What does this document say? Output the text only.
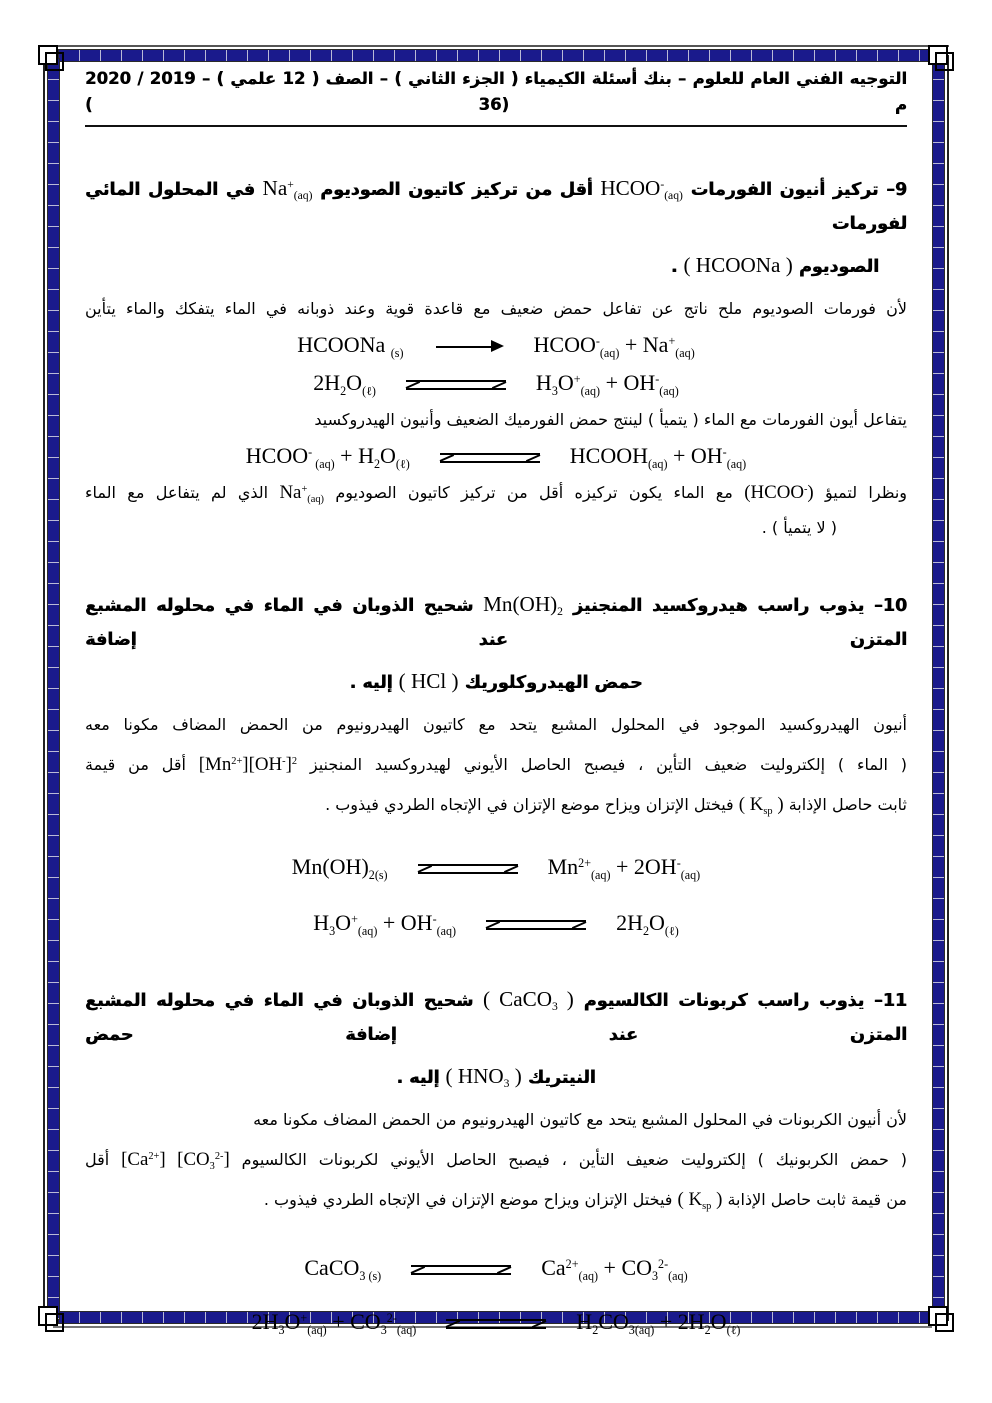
التوجيه الفني العام للعلوم – بنك أسئلة الكيمياء ( الجزء الثاني ) – الصف ( 12 علمي ) – 2019 / 2020 م (36 )
9– تركيز أنيون الفورمات $HCOO^-_{(aq)}$ أقل من تركيز كاتيون الصوديوم $Na^+_{(aq)}$ في المحلول المائي لفورمات
الصوديوم ( HCOONa ) .
لأن فورمات الصوديوم ملح ناتج عن تفاعل حمض ضعيف مع قاعدة قوية وعند ذوبانه في الماء يتفكك والماء يتأين
HCOONa $_{(s)}$	$HCOO^-_{(aq)} + Na^+_{(aq)}$
$2H_2O_{(\ell)}$	$H_3O^+_{(aq)} + OH^-_{(aq)}$
يتفاعل أيون الفورمات مع الماء ( يتميأ ) لينتج حمض الفورميك الضعيف وأنيون الهيدروكسيد
HCOO- $_{(aq)} + H_2O_{(\ell)}$	$HCOOH_{(aq)} + OH^-_{(aq)}$
ونظرا لتميؤ (HCOO-) مع الماء يكون تركيزه أقل من تركيز كاتيون الصوديوم $Na^+_{(aq)}$ الذي لم يتفاعل مع الماء
( لا يتميأ ) .
10– يذوب راسب هيدروكسيد المنجنيز $Mn(OH)_2$ شحيح الذوبان في الماء في محلوله المشبع المتزن عند إضافة
حمض الهيدروكلوريك ( HCl ) إليه .
أنيون الهيدروكسيد الموجود في المحلول المشبع يتحد مع كاتيون الهيدرونيوم من الحمض المضاف مكونا معه
( الماء ) إلكتروليت ضعيف التأين ، فيصبح الحاصل الأيوني لهيدروكسيد المنجنيز $[Mn^{2+}][OH^-]^2$ أقل من قيمة
ثابت حاصل الإذابة ( $K_{sp}$ ) فيختل الإتزان ويزاح موضع الإتزان في الإتجاه الطردي فيذوب .
$Mn(OH)_{2(s)}$	$Mn^{2+}_{(aq)} + 2OH^-_{(aq)}$
$H_3O^+_{(aq)} + OH^-_{(aq)}$	$2H_2O_{(\ell)}$
11– يذوب راسب كربونات الكالسيوم ( CaCO$_3$ ) شحيح الذوبان في الماء في محلوله المشبع المتزن عند إضافة حمض
النيتريك ( $HNO_3$ ) إليه .
لأن أنيون الكربونات في المحلول المشبع يتحد مع كاتيون الهيدرونيوم من الحمض المضاف مكونا معه
( حمض الكربونيك ) إلكتروليت ضعيف التأين ، فيصبح الحاصل الأيوني لكربونات الكالسيوم $[Ca^{2+}]$ $[CO_3^{2-}]$ أقل
من قيمة ثابت حاصل الإذابة ( $K_{sp}$ ) فيختل الإتزان ويزاح موضع الإتزان في الإتجاه الطردي فيذوب .
CaCO$_{3 (s)}$	$Ca^{2+}_{(aq)} + CO_3^{2-}_{(aq)}$
$2H_3O^+_{(aq)} + CO_3^{2-}_{(aq)}$	$H_2CO_{3(aq)} + 2H_2O_{(\ell)}$
